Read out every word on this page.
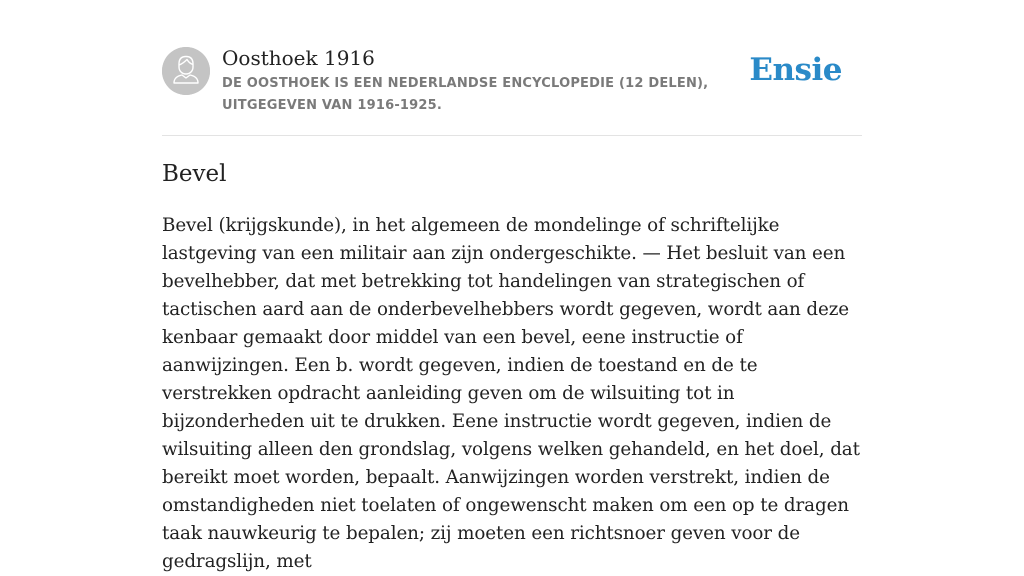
Oosthoek 1916
DE OOSTHOEK IS EEN NEDERLANDSE ENCYCLOPEDIE (12 DELEN), UITGEGEVEN VAN 1916-1925.
Ensie
Bevel

Bevel (krijgskunde), in het algemeen de mondelinge of schriftelijke lastgeving van een militair aan zijn ondergeschikte. — Het besluit van een bevelhebber, dat met betrekking tot handelingen van strategischen of tactischen aard aan de onderbevelhebbers wordt gegeven, wordt aan deze kenbaar gemaakt door middel van een bevel, eene instructie of aanwijzingen. Een b. wordt gegeven, indien de toestand en de te verstrekken opdracht aanleiding geven om de wilsuiting tot in bijzonderheden uit te drukken. Eene instructie wordt gegeven, indien de wilsuiting alleen den grondslag, volgens welken gehandeld, en het doel, dat bereikt moet worden, bepaalt. Aanwijzingen worden verstrekt, indien de omstandigheden niet toelaten of ongewenscht maken om een op te dragen taak nauwkeurig te bepalen; zij moeten een richtsnoer geven voor de gedragslijn, met
